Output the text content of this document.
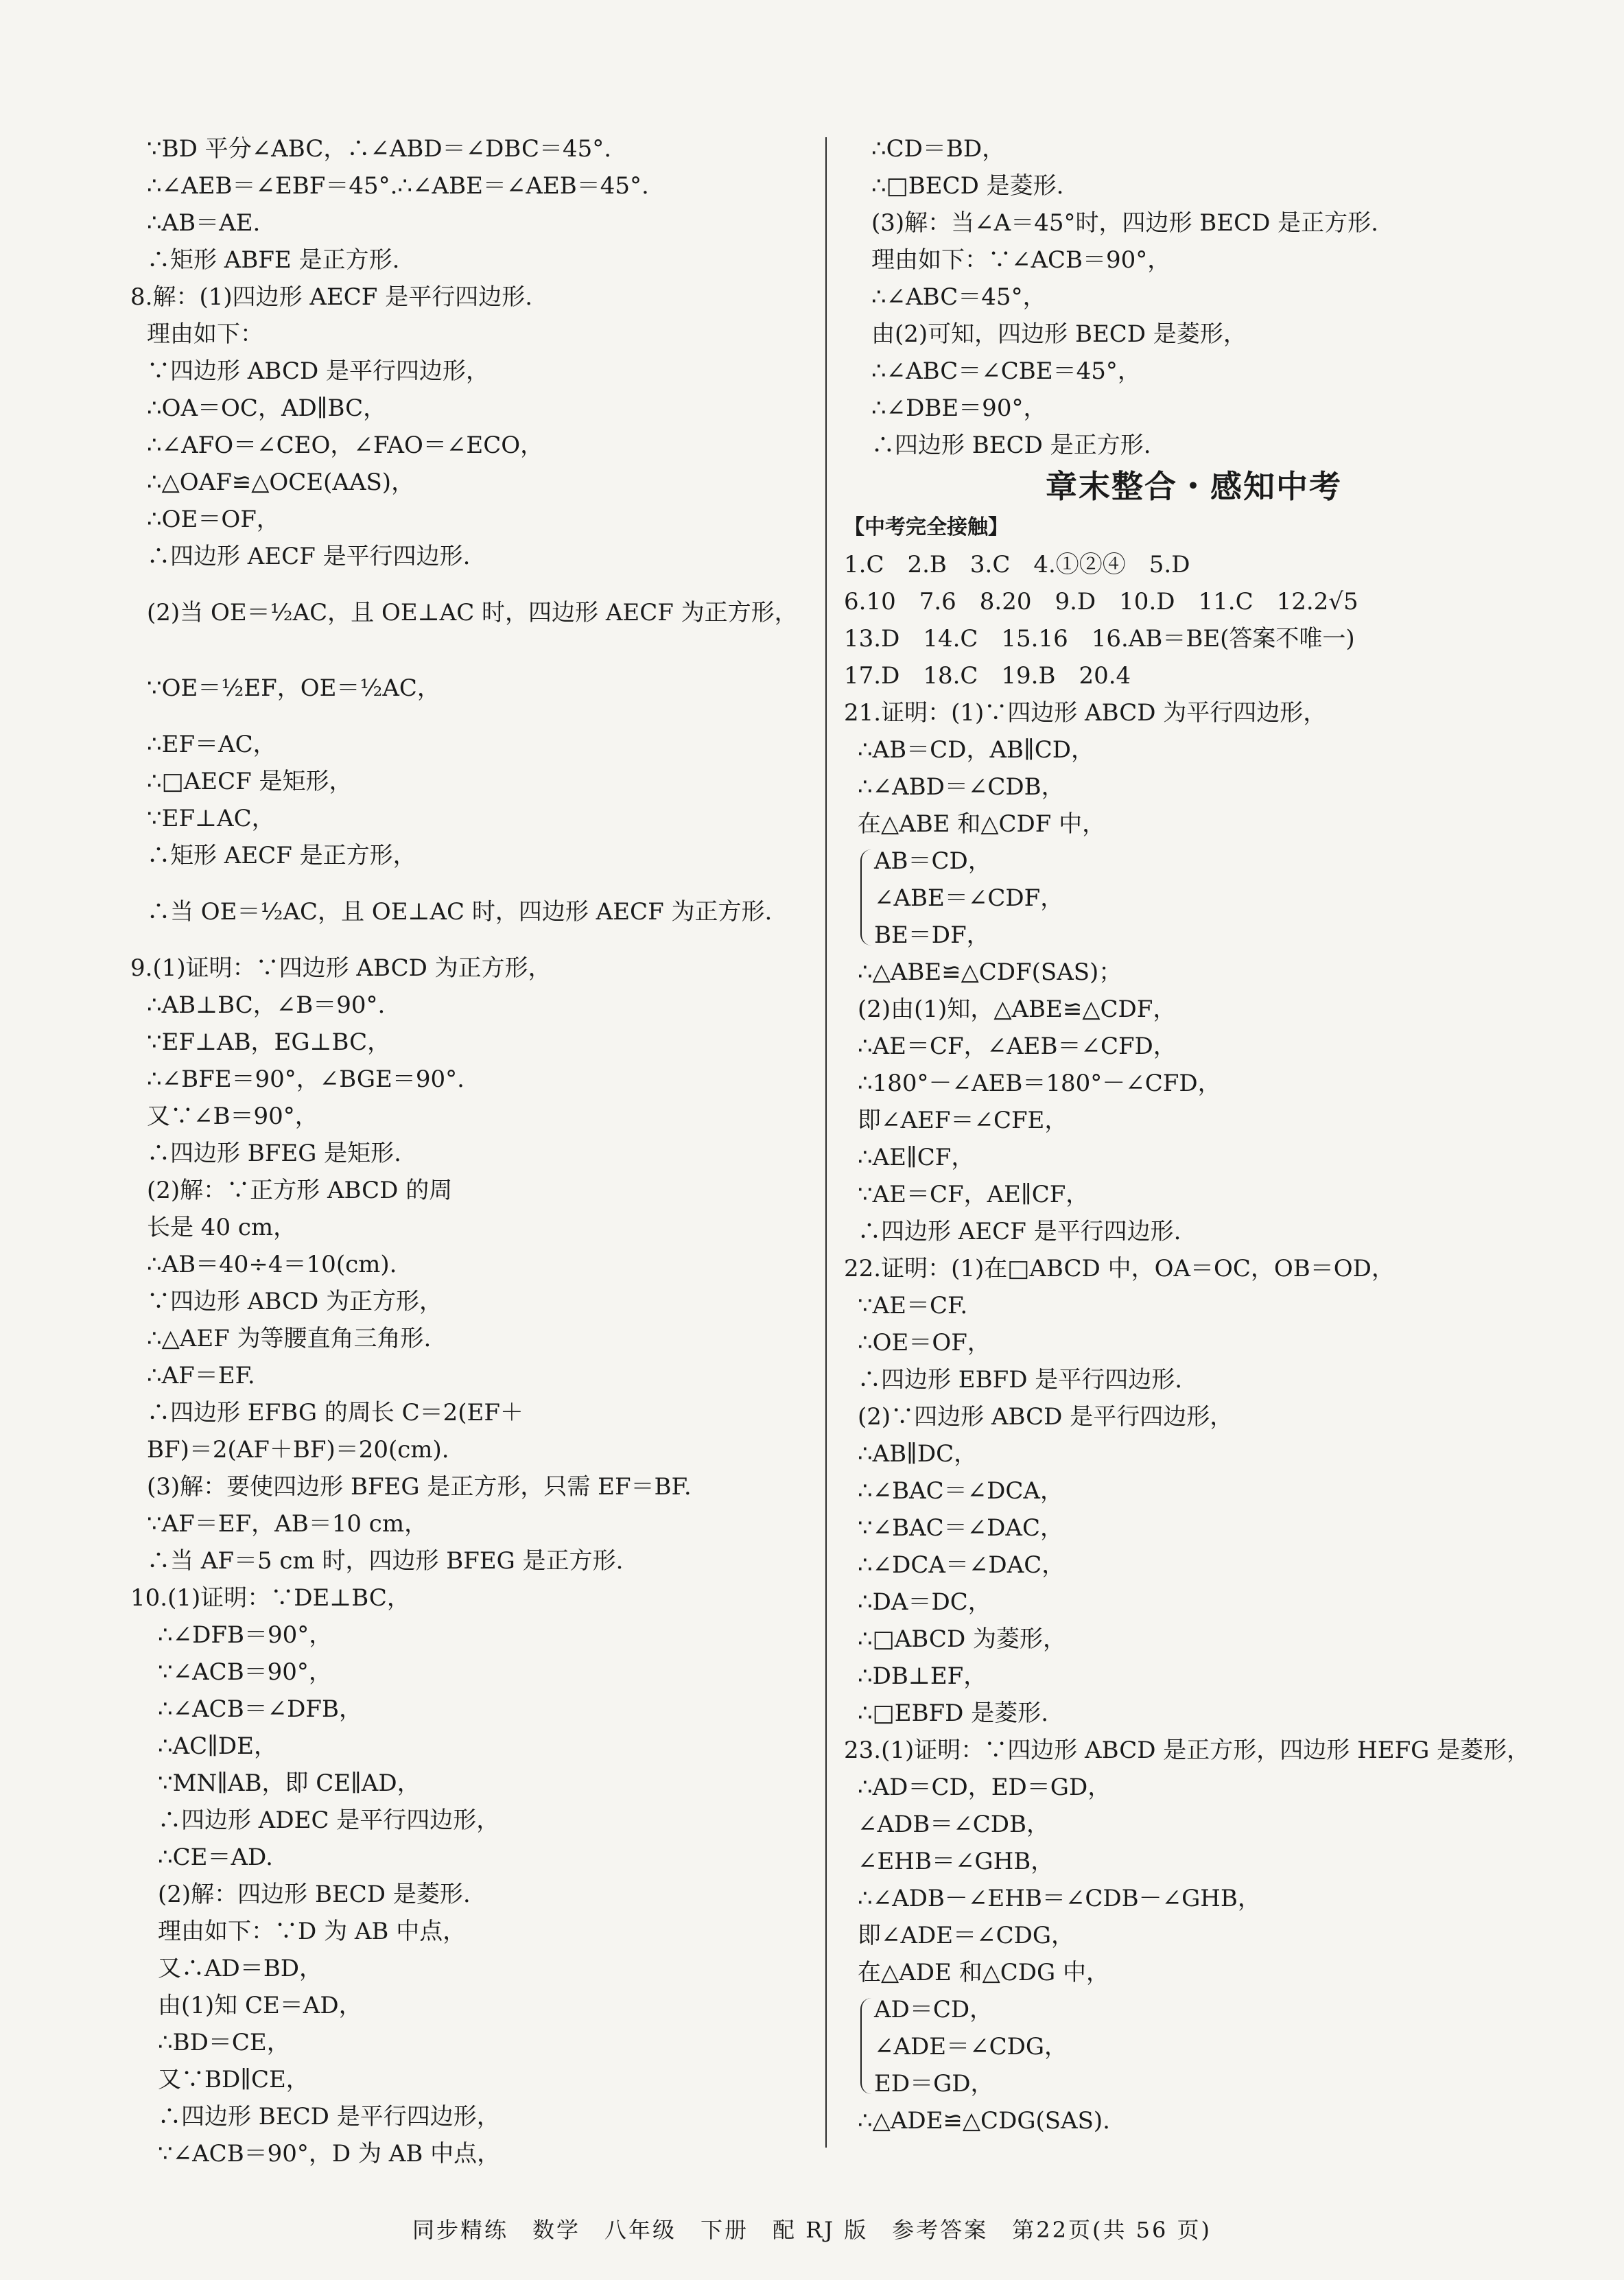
∵BD 平分∠ABC，∴∠ABD＝∠DBC＝45°.
∴∠AEB＝∠EBF＝45°.∴∠ABE＝∠AEB＝45°.
∴AB＝AE.
∴矩形 ABFE 是正方形.
8.解：(1)四边形 AECF 是平行四边形.
理由如下：
∵四边形 ABCD 是平行四边形，
∴OA＝OC，AD∥BC，
∴∠AFO＝∠CEO，∠FAO＝∠ECO，
∴△OAF≌△OCE(AAS)，
∴OE＝OF，
∴四边形 AECF 是平行四边形.
(2)当 OE＝½AC，且 OE⊥AC 时，四边形 AECF 为正方形，
∵OE＝½EF，OE＝½AC，
∴EF＝AC，
∴□AECF 是矩形，
∵EF⊥AC，
∴矩形 AECF 是正方形，
∴当 OE＝½AC，且 OE⊥AC 时，四边形 AECF 为正方形.
9.(1)证明：∵四边形 ABCD 为正方形，
∴AB⊥BC，∠B＝90°.
∵EF⊥AB，EG⊥BC，
∴∠BFE＝90°，∠BGE＝90°.
又∵∠B＝90°，
∴四边形 BFEG 是矩形.
(2)解：∵正方形 ABCD 的周
长是 40 cm，
∴AB＝40÷4＝10(cm).
∵四边形 ABCD 为正方形，
∴△AEF 为等腰直角三角形.
∴AF＝EF.
∴四边形 EFBG 的周长 C＝2(EF＋
BF)＝2(AF＋BF)＝20(cm).
(3)解：要使四边形 BFEG 是正方形，只需 EF＝BF.
∵AF＝EF，AB＝10 cm，
∴当 AF＝5 cm 时，四边形 BFEG 是正方形.
10.(1)证明：∵DE⊥BC，
∴∠DFB＝90°，
∵∠ACB＝90°，
∴∠ACB＝∠DFB，
∴AC∥DE，
∵MN∥AB，即 CE∥AD，
∴四边形 ADEC 是平行四边形，
∴CE＝AD.
(2)解：四边形 BECD 是菱形.
理由如下：∵D 为 AB 中点，
又∴AD＝BD，
由(1)知 CE＝AD，
∴BD＝CE，
又∵BD∥CE，
∴四边形 BECD 是平行四边形，
∵∠ACB＝90°，D 为 AB 中点，
∴CD＝BD，
∴□BECD 是菱形.
(3)解：当∠A＝45°时，四边形 BECD 是正方形.
理由如下：∵∠ACB＝90°，
∴∠ABC＝45°，
由(2)可知，四边形 BECD 是菱形，
∴∠ABC＝∠CBE＝45°，
∴∠DBE＝90°，
∴四边形 BECD 是正方形.
章末整合・感知中考
【中考完全接触】
1.C　2.B　3.C　4.①②④　5.D
6.10　7.6　8.20　9.D　10.D　11.C　12.2√5
13.D　14.C　15.16　16.AB＝BE(答案不唯一)
17.D　18.C　19.B　20.4
21.证明：(1)∵四边形 ABCD 为平行四边形，
∴AB＝CD，AB∥CD，
∴∠ABD＝∠CDB，
在△ABE 和△CDF 中，
AB＝CD，
∠ABE＝∠CDF，
BE＝DF，
∴△ABE≌△CDF(SAS)；
(2)由(1)知，△ABE≌△CDF，
∴AE＝CF，∠AEB＝∠CFD，
∴180°－∠AEB＝180°－∠CFD，
即∠AEF＝∠CFE，
∴AE∥CF，
∵AE＝CF，AE∥CF，
∴四边形 AECF 是平行四边形.
22.证明：(1)在□ABCD 中，OA＝OC，OB＝OD，
∵AE＝CF.
∴OE＝OF，
∴四边形 EBFD 是平行四边形.
(2)∵四边形 ABCD 是平行四边形，
∴AB∥DC，
∴∠BAC＝∠DCA，
∵∠BAC＝∠DAC，
∴∠DCA＝∠DAC，
∴DA＝DC，
∴□ABCD 为菱形，
∴DB⊥EF，
∴□EBFD 是菱形.
23.(1)证明：∵四边形 ABCD 是正方形，四边形 HEFG 是菱形，
∴AD＝CD，ED＝GD，
∠ADB＝∠CDB，
∠EHB＝∠GHB，
∴∠ADB－∠EHB＝∠CDB－∠GHB，
即∠ADE＝∠CDG，
在△ADE 和△CDG 中，
AD＝CD，
∠ADE＝∠CDG，
ED＝GD，
∴△ADE≌△CDG(SAS).
同步精练　数学　八年级　下册　配 RJ 版　参考答案　第22页(共 56 页)
